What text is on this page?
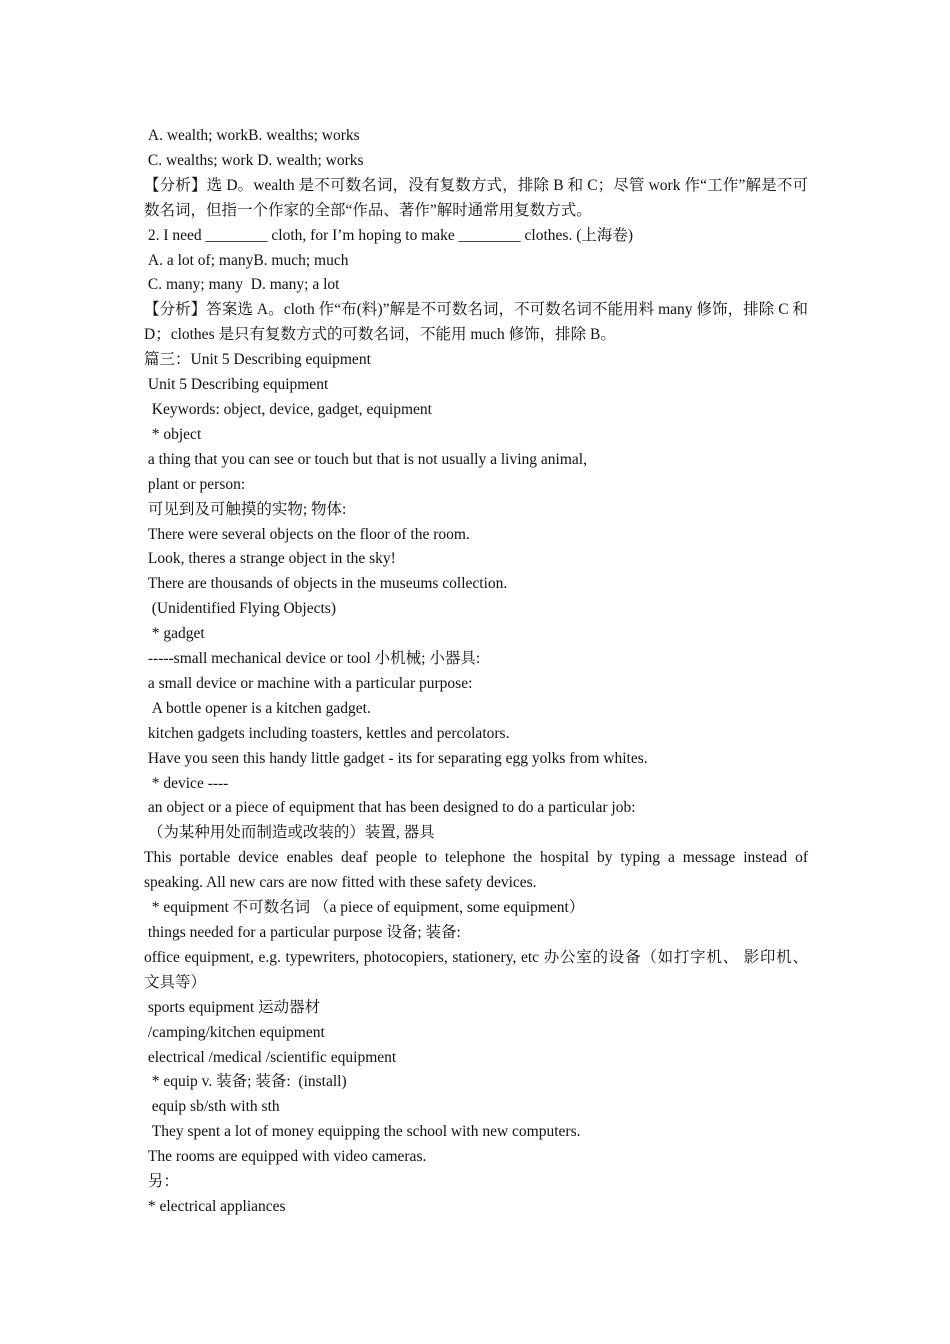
A. wealth; workB. wealths; works

C. wealths; work D. wealth; works

【分析】选 D。wealth 是不可数名词，没有复数方式，排除 B 和 C；尽管 work 作“工作”解是不可数名词，但指一个作家的全部“作品、著作”解时通常用复数方式。

2. I need ________ cloth, for I’m hoping to make ________ clothes. (上海卷)

A. a lot of; manyB. much; much

C. many; many  D. many; a lot

【分析】答案选 A。cloth 作“布(料)”解是不可数名词，不可数名词不能用料 many 修饰，排除 C 和 D；clothes 是只有复数方式的可数名词，不能用 much 修饰，排除 B。

篇三：Unit 5 Describing equipment

Unit 5 Describing equipment

Keywords: object, device, gadget, equipment

* object

a thing that you can see or touch but that is not usually a living animal,

plant or person:

可见到及可触摸的实物; 物体:

There were several objects on the floor of the room.

Look, theres a strange object in the sky!

There are thousands of objects in the museums collection.

(Unidentified Flying Objects)

* gadget

-----small mechanical device or tool 小机械; 小器具:

a small device or machine with a particular purpose:

A bottle opener is a kitchen gadget.

kitchen gadgets including toasters, kettles and percolators.

Have you seen this handy little gadget - its for separating egg yolks from whites.

* device ----

an object or a piece of equipment that has been designed to do a particular job:

（为某种用处而制造或改装的）装置, 器具

This portable device enables deaf people to telephone the hospital by typing a message instead of speaking. All new cars are now fitted with these safety devices.

* equipment 不可数名词 （a piece of equipment, some equipment）

things needed for a particular purpose 设备; 装备:

office equipment, e.g. typewriters, photocopiers, stationery, etc 办公室的设备（如打字机、 影印机、 文具等）

sports equipment 运动器材

/camping/kitchen equipment

electrical /medical /scientific equipment

* equip v. 装备; 装备:  (install)

equip sb/sth with sth

They spent a lot of money equipping the school with new computers.

The rooms are equipped with video cameras.

另：

* electrical appliances
